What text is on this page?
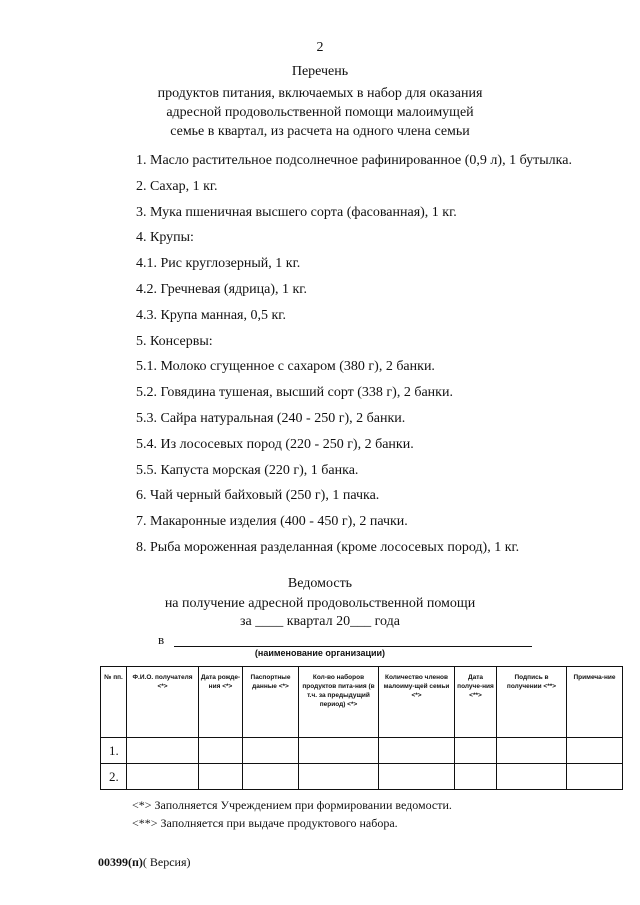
2
Перечень
продуктов питания, включаемых в набор для оказания
адресной продовольственной помощи малоимущей
семье в квартал, из расчета на одного члена семьи
1. Масло растительное подсолнечное рафинированное (0,9 л), 1 бутылка.
2. Сахар, 1 кг.
3. Мука пшеничная высшего сорта (фасованная), 1 кг.
4. Крупы:
4.1. Рис круглозерный, 1 кг.
4.2. Гречневая (ядрица), 1 кг.
4.3. Крупа манная, 0,5 кг.
5. Консервы:
5.1. Молоко сгущенное с сахаром (380 г), 2 банки.
5.2. Говядина тушеная, высший сорт (338 г), 2 банки.
5.3. Сайра натуральная (240 - 250 г), 2 банки.
5.4. Из лососевых пород (220 - 250 г), 2 банки.
5.5. Капуста морская (220 г), 1 банка.
6. Чай черный байховый (250 г), 1 пачка.
7. Макаронные изделия (400 - 450 г), 2 пачки.
8. Рыба мороженная разделанная (кроме лососевых пород), 1 кг.
Ведомость
на получение адресной продовольственной помощи
за ____ квартал 20___ года
в
(наименование организации)
№ пп.	Ф.И.О. получателя <*>	Дата рожде-ния <*>	Паспортные данные <*>	Кол-во наборов продуктов пита-ния (в т.ч. за предыдущий период) <*>	Количество членов малоиму-щей семьи <*>	Дата получе-ния <**>	Подпись в получении <**>	Примеча-ние
1.								
2.								
<*> Заполняется Учреждением при формировании ведомости.
<**> Заполняется при выдаче продуктового набора.
00399(п)( Версия)
